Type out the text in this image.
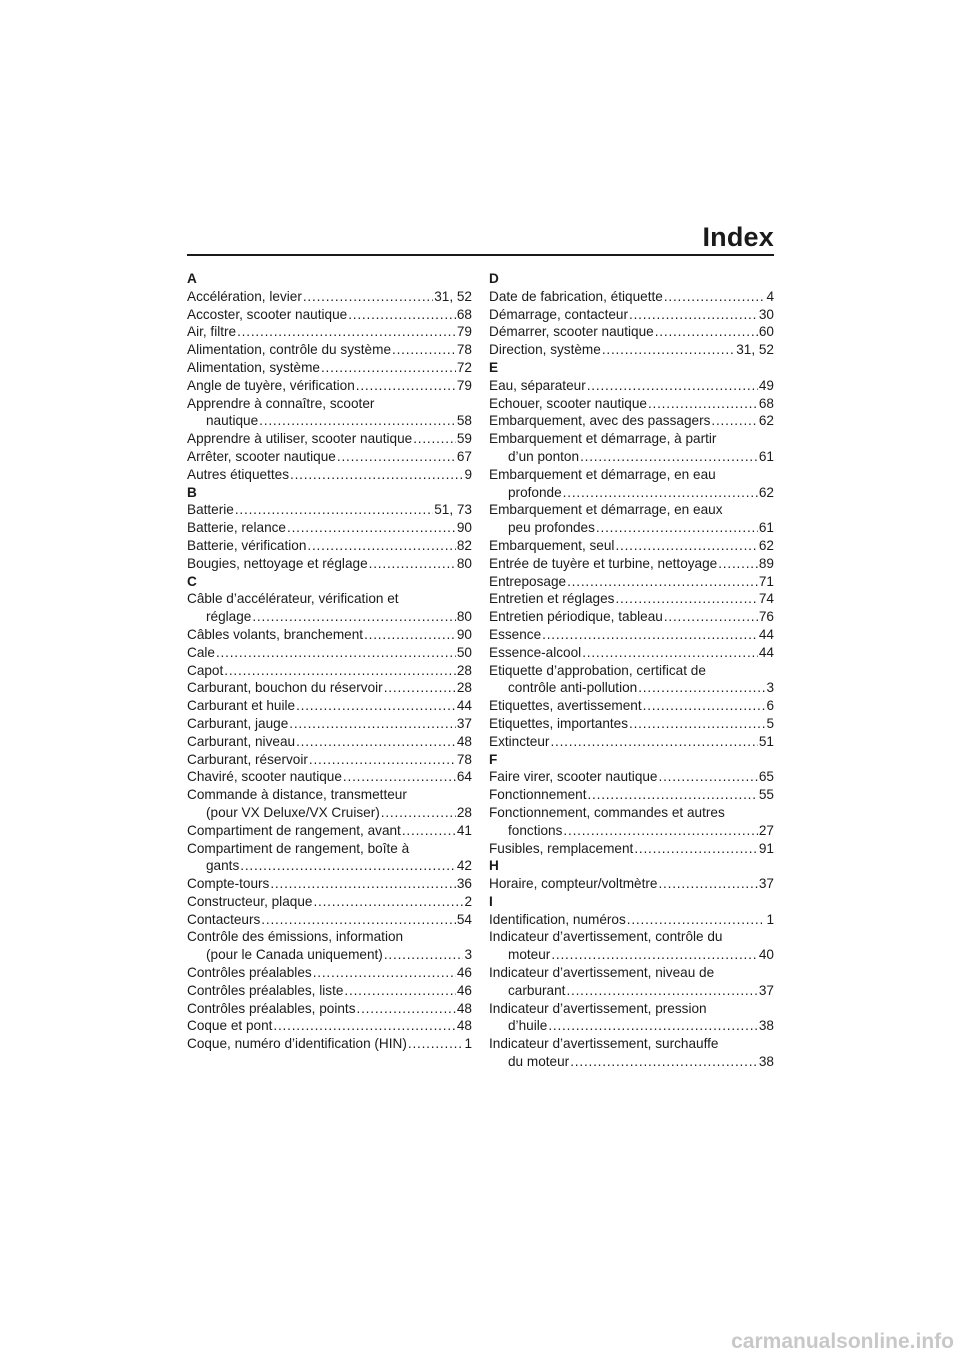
Index
A
Accélération, levier .....	31, 52
Accoster, scooter nautique .....	68
Air, filtre .....	79
Alimentation, contrôle du système .....	78
Alimentation, système .....	72
Angle de tuyère, vérification .....	79
Apprendre à connaître, scooter
nautique .....	58
Apprendre à utiliser, scooter nautique .....	59
Arrêter, scooter nautique .....	67
Autres étiquettes .....	9
B
Batterie .....	51, 73
Batterie, relance .....	90
Batterie, vérification .....	82
Bougies, nettoyage et réglage .....	80
C
Câble d’accélérateur, vérification et
réglage .....	80
Câbles volants, branchement .....	90
Cale .....	50
Capot .....	28
Carburant, bouchon du réservoir .....	28
Carburant et huile .....	44
Carburant, jauge .....	37
Carburant, niveau .....	48
Carburant, réservoir .....	78
Chaviré, scooter nautique .....	64
Commande à distance, transmetteur
(pour VX Deluxe/VX Cruiser) .....	28
Compartiment de rangement, avant .....	41
Compartiment de rangement, boîte à
gants .....	42
Compte-tours .....	36
Constructeur, plaque .....	2
Contacteurs .....	54
Contrôle des émissions, information
(pour le Canada uniquement) .....	3
Contrôles préalables .....	46
Contrôles préalables, liste .....	46
Contrôles préalables, points .....	48
Coque et pont .....	48
Coque, numéro d’identification (HIN) .....	1
D
Date de fabrication, étiquette .....	4
Démarrage, contacteur .....	30
Démarrer, scooter nautique .....	60
Direction, système .....	31, 52
E
Eau, séparateur .....	49
Echouer, scooter nautique .....	68
Embarquement, avec des passagers .....	62
Embarquement et démarrage, à partir
d’un ponton .....	61
Embarquement et démarrage, en eau
profonde .....	62
Embarquement et démarrage, en eaux
peu profondes .....	61
Embarquement, seul .....	62
Entrée de tuyère et turbine, nettoyage .....	89
Entreposage .....	71
Entretien et réglages .....	74
Entretien périodique, tableau .....	76
Essence .....	44
Essence-alcool .....	44
Etiquette d’approbation, certificat de
contrôle anti-pollution .....	3
Etiquettes, avertissement .....	6
Etiquettes, importantes .....	5
Extincteur .....	51
F
Faire virer, scooter nautique .....	65
Fonctionnement .....	55
Fonctionnement, commandes et autres
fonctions .....	27
Fusibles, remplacement .....	91
H
Horaire, compteur/voltmètre .....	37
I
Identification, numéros .....	1
Indicateur d’avertissement, contrôle du
moteur .....	40
Indicateur d’avertissement, niveau de
carburant .....	37
Indicateur d’avertissement, pression
d’huile .....	38
Indicateur d’avertissement, surchauffe
du moteur .....	38
carmanualsonline.info
